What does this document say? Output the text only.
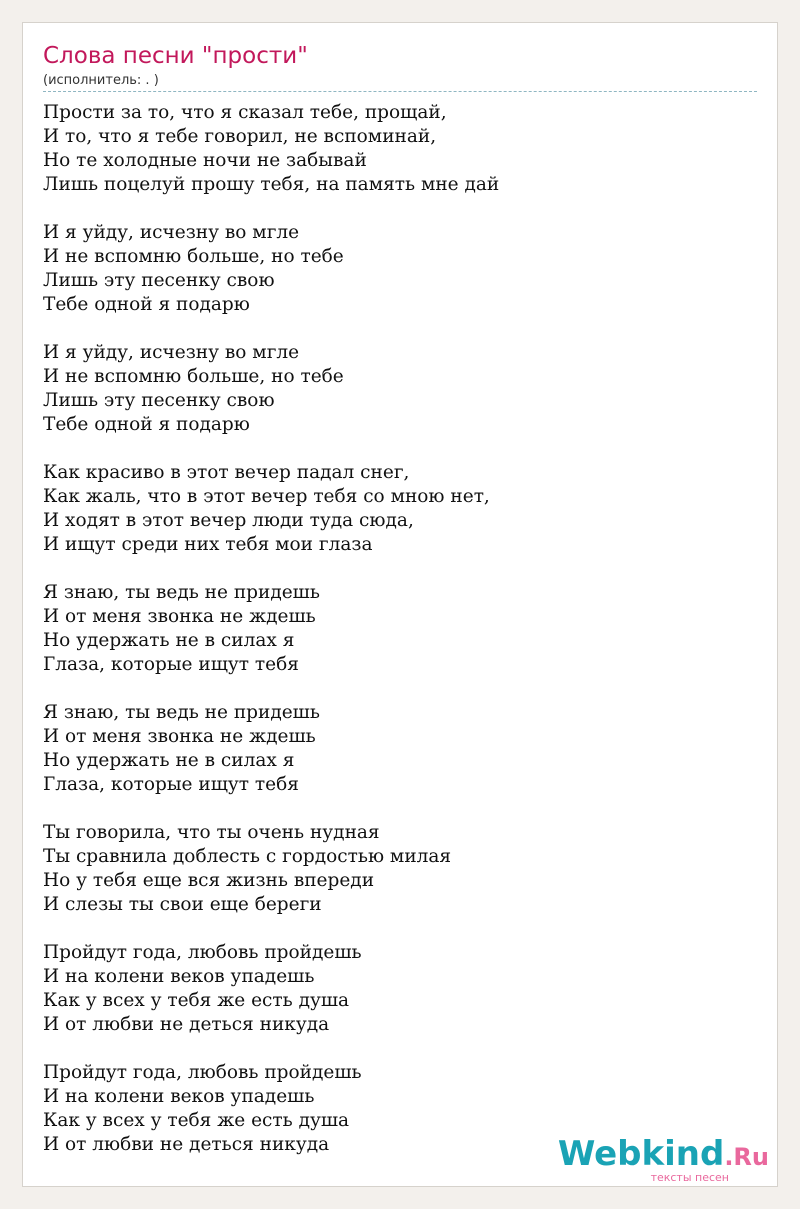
Слова песни "прости"
(исполнитель: . )
Прости за то, что я сказал тебе, прощай,
И то, что я тебе говорил, не вспоминай,
Но те холодные ночи не забывай
Лишь поцелуй прошу тебя, на память мне дай
И я уйду, исчезну во мгле
И не вспомню больше, но тебе
Лишь эту песенку свою
Тебе одной я подарю
И я уйду, исчезну во мгле
И не вспомню больше, но тебе
Лишь эту песенку свою
Тебе одной я подарю
Как красиво в этот вечер падал снег,
Как жаль, что в этот вечер тебя со мною нет,
И ходят в этот вечер люди туда сюда,
И ищут среди них тебя мои глаза
Я знаю, ты ведь не придешь
И от меня звонка не ждешь
Но удержать не в силах я
Глаза, которые ищут тебя
Я знаю, ты ведь не придешь
И от меня звонка не ждешь
Но удержать не в силах я
Глаза, которые ищут тебя
Ты говорила, что ты очень нудная
Ты сравнила доблесть с гордостью милая
Но у тебя еще вся жизнь впереди
И слезы ты свои еще береги
Пройдут года, любовь пройдешь
И на колени веков упадешь
Как у всех у тебя же есть душа
И от любви не деться никуда
Пройдут года, любовь пройдешь
И на колени веков упадешь
Как у всех у тебя же есть душа
И от любви не деться никуда	Webkind.Ru
тексты песен
